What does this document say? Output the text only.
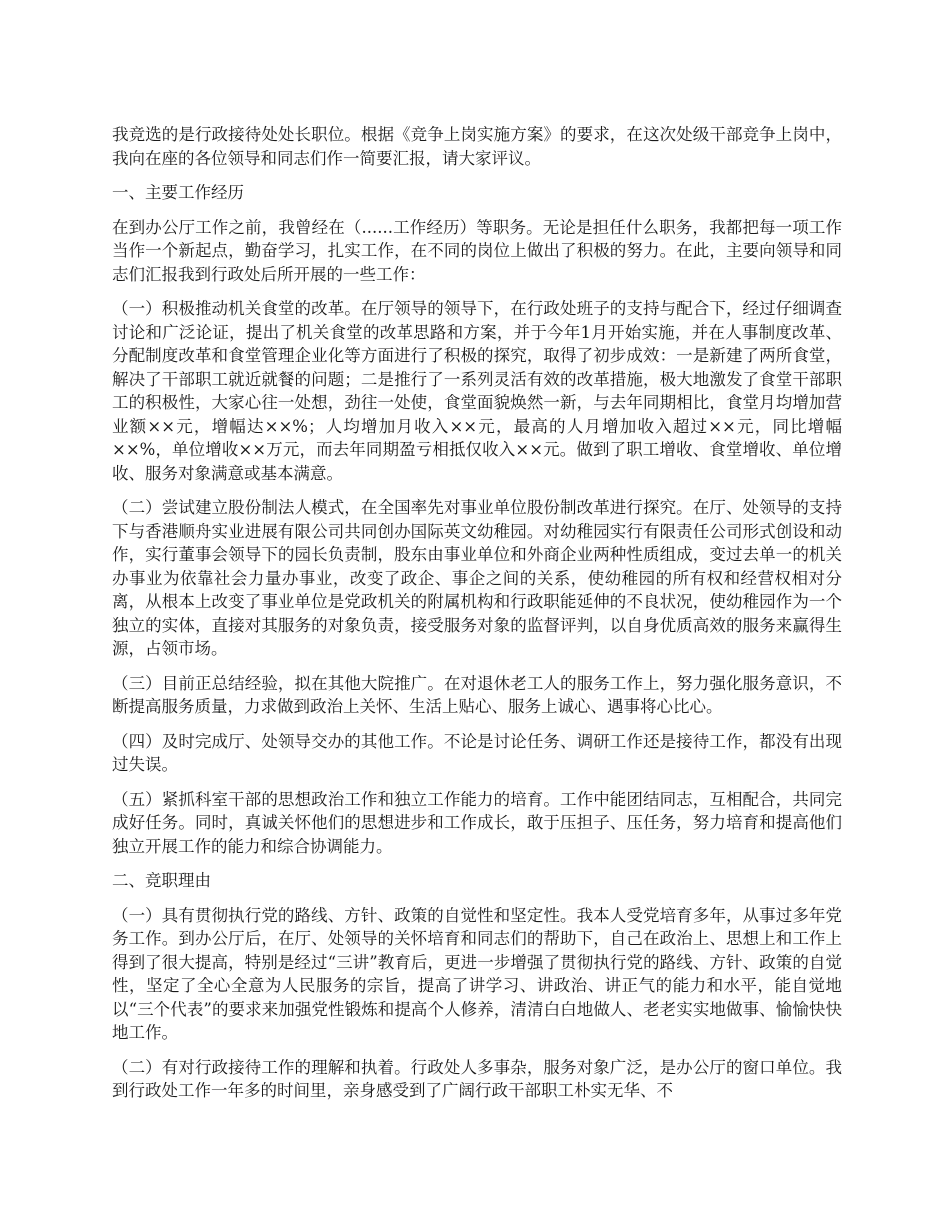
我竞选的是行政接待处处长职位。根据《竞争上岗实施方案》的要求，在这次处级干部竞争上岗中，我向在座的各位领导和同志们作一简要汇报，请大家评议。

一、主要工作经历

在到办公厅工作之前，我曾经在（......工作经历）等职务。无论是担任什么职务，我都把每一项工作当作一个新起点，勤奋学习，扎实工作，在不同的岗位上做出了积极的努力。在此，主要向领导和同志们汇报我到行政处后所开展的一些工作：

（一）积极推动机关食堂的改革。在厅领导的领导下，在行政处班子的支持与配合下，经过仔细调查讨论和广泛论证，提出了机关食堂的改革思路和方案，并于今年1月开始实施，并在人事制度改革、分配制度改革和食堂管理企业化等方面进行了积极的探究，取得了初步成效：一是新建了两所食堂，解决了干部职工就近就餐的问题；二是推行了一系列灵活有效的改革措施，极大地激发了食堂干部职工的积极性，大家心往一处想，劲往一处使，食堂面貌焕然一新，与去年同期相比，食堂月均增加营业额××元，增幅达××%；人均增加月收入××元，最高的人月增加收入超过××元，同比增幅××%，单位增收××万元，而去年同期盈亏相抵仅收入××元。做到了职工增收、食堂增收、单位增收、服务对象满意或基本满意。

（二）尝试建立股份制法人模式，在全国率先对事业单位股份制改革进行探究。在厅、处领导的支持下与香港顺舟实业进展有限公司共同创办国际英文幼稚园。对幼稚园实行有限责任公司形式创设和动作，实行董事会领导下的园长负责制，股东由事业单位和外商企业两种性质组成，变过去单一的机关办事业为依靠社会力量办事业，改变了政企、事企之间的关系，使幼稚园的所有权和经营权相对分离，从根本上改变了事业单位是党政机关的附属机构和行政职能延伸的不良状况，使幼稚园作为一个独立的实体，直接对其服务的对象负责，接受服务对象的监督评判，以自身优质高效的服务来赢得生源，占领市场。

（三）目前正总结经验，拟在其他大院推广。在对退休老工人的服务工作上，努力强化服务意识，不断提高服务质量，力求做到政治上关怀、生活上贴心、服务上诚心、遇事将心比心。

（四）及时完成厅、处领导交办的其他工作。不论是讨论任务、调研工作还是接待工作，都没有出现过失误。

（五）紧抓科室干部的思想政治工作和独立工作能力的培育。工作中能团结同志，互相配合，共同完成好任务。同时，真诚关怀他们的思想进步和工作成长，敢于压担子、压任务，努力培育和提高他们独立开展工作的能力和综合协调能力。

二、竞职理由

（一）具有贯彻执行党的路线、方针、政策的自觉性和坚定性。我本人受党培育多年，从事过多年党务工作。到办公厅后，在厅、处领导的关怀培育和同志们的帮助下，自己在政治上、思想上和工作上得到了很大提高，特别是经过“三讲”教育后，更进一步增强了贯彻执行党的路线、方针、政策的自觉性，坚定了全心全意为人民服务的宗旨，提高了讲学习、讲政治、讲正气的能力和水平，能自觉地以“三个代表”的要求来加强党性锻炼和提高个人修养，清清白白地做人、老老实实地做事、愉愉快快地工作。

（二）有对行政接待工作的理解和执着。行政处人多事杂，服务对象广泛，是办公厅的窗口单位。我到行政处工作一年多的时间里，亲身感受到了广阔行政干部职工朴实无华、不
